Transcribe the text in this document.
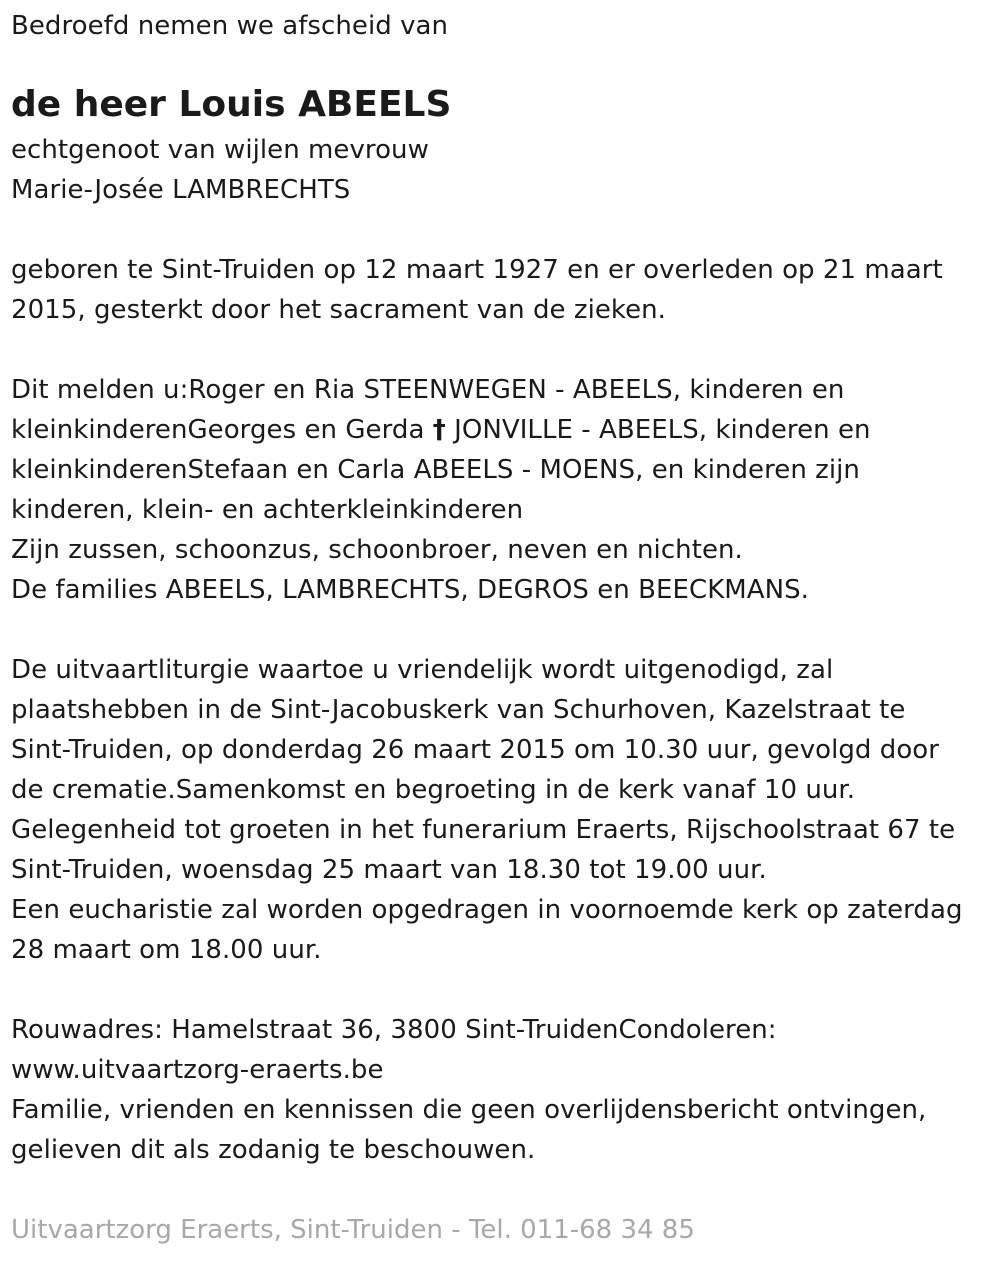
Bedroefd nemen we afscheid van
de heer Louis ABEELS
echtgenoot van wijlen mevrouw
Marie-Josée LAMBRECHTS
geboren te Sint-Truiden op 12 maart 1927 en er overleden op 21 maart
2015, gesterkt door het sacrament van de zieken.
Dit melden u:Roger en Ria STEENWEGEN - ABEELS, kinderen en
kleinkinderenGeorges en Gerda † JONVILLE - ABEELS, kinderen en
kleinkinderenStefaan en Carla ABEELS - MOENS, en kinderen zijn
kinderen, klein- en achterkleinkinderen
Zijn zussen, schoonzus, schoonbroer, neven en nichten.
De families ABEELS, LAMBRECHTS, DEGROS en BEECKMANS.
De uitvaartliturgie waartoe u vriendelijk wordt uitgenodigd, zal
plaatshebben in de Sint-Jacobuskerk van Schurhoven, Kazelstraat te
Sint-Truiden, op donderdag 26 maart 2015 om 10.30 uur, gevolgd door
de crematie.Samenkomst en begroeting in de kerk vanaf 10 uur.
Gelegenheid tot groeten in het funerarium Eraerts, Rijschoolstraat 67 te
Sint-Truiden, woensdag 25 maart van 18.30 tot 19.00 uur.
Een eucharistie zal worden opgedragen in voornoemde kerk op zaterdag
28 maart om 18.00 uur.
Rouwadres: Hamelstraat 36, 3800 Sint-TruidenCondoleren:
www.uitvaartzorg-eraerts.be
Familie, vrienden en kennissen die geen overlijdensbericht ontvingen,
gelieven dit als zodanig te beschouwen.
Uitvaartzorg Eraerts, Sint-Truiden - Tel. 011-68 34 85
